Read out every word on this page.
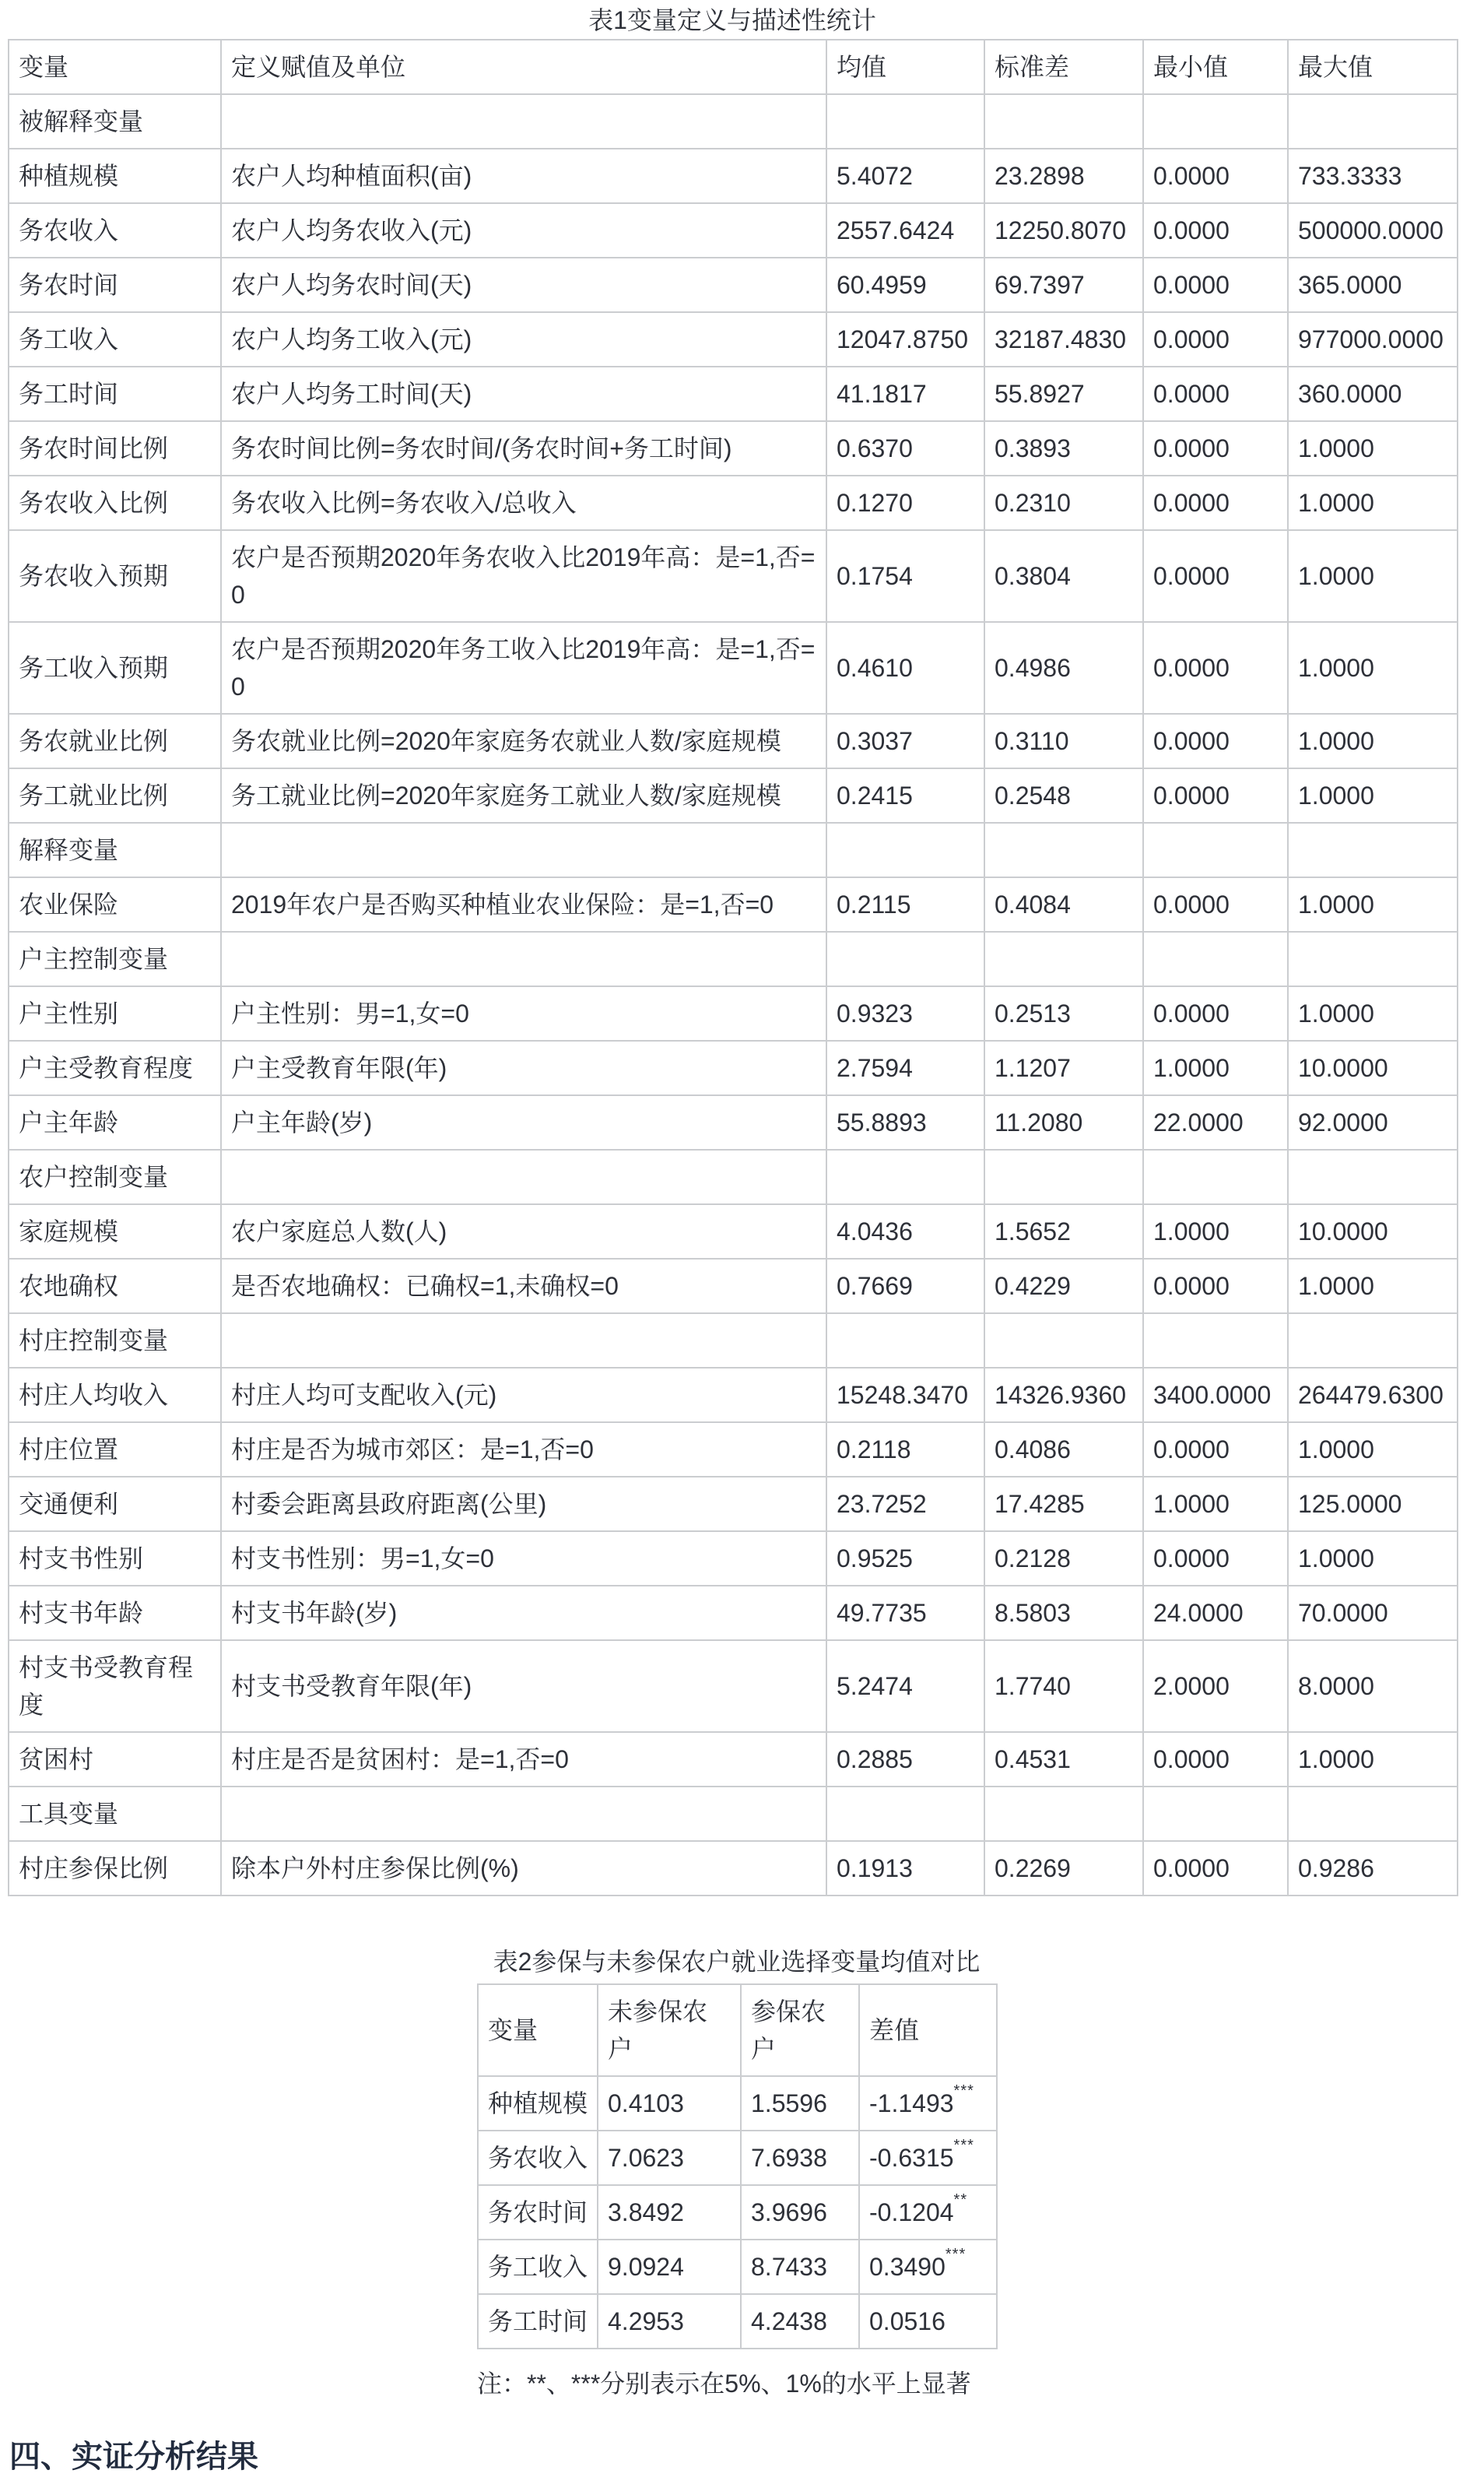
表1变量定义与描述性统计
变量	定义赋值及单位	均值	标准差	最小值	最大值
被解释变量					
种植规模	农户人均种植面积(亩)	5.4072	23.2898	0.0000	733.3333
务农收入	农户人均务农收入(元)	2557.6424	12250.8070	0.0000	500000.0000
务农时间	农户人均务农时间(天)	60.4959	69.7397	0.0000	365.0000
务工收入	农户人均务工收入(元)	12047.8750	32187.4830	0.0000	977000.0000
务工时间	农户人均务工时间(天)	41.1817	55.8927	0.0000	360.0000
务农时间比例	务农时间比例=务农时间/(务农时间+务工时间)	0.6370	0.3893	0.0000	1.0000
务农收入比例	务农收入比例=务农收入/总收入	0.1270	0.2310	0.0000	1.0000
务农收入预期	农户是否预期2020年务农收入比2019年高：是=1,否=0	0.1754	0.3804	0.0000	1.0000
务工收入预期	农户是否预期2020年务工收入比2019年高：是=1,否=0	0.4610	0.4986	0.0000	1.0000
务农就业比例	务农就业比例=2020年家庭务农就业人数/家庭规模	0.3037	0.3110	0.0000	1.0000
务工就业比例	务工就业比例=2020年家庭务工就业人数/家庭规模	0.2415	0.2548	0.0000	1.0000
解释变量					
农业保险	2019年农户是否购买种植业农业保险：是=1,否=0	0.2115	0.4084	0.0000	1.0000
户主控制变量					
户主性别	户主性别：男=1,女=0	0.9323	0.2513	0.0000	1.0000
户主受教育程度	户主受教育年限(年)	2.7594	1.1207	1.0000	10.0000
户主年龄	户主年龄(岁)	55.8893	11.2080	22.0000	92.0000
农户控制变量					
家庭规模	农户家庭总人数(人)	4.0436	1.5652	1.0000	10.0000
农地确权	是否农地确权：已确权=1,未确权=0	0.7669	0.4229	0.0000	1.0000
村庄控制变量					
村庄人均收入	村庄人均可支配收入(元)	15248.3470	14326.9360	3400.0000	264479.6300
村庄位置	村庄是否为城市郊区：是=1,否=0	0.2118	0.4086	0.0000	1.0000
交通便利	村委会距离县政府距离(公里)	23.7252	17.4285	1.0000	125.0000
村支书性别	村支书性别：男=1,女=0	0.9525	0.2128	0.0000	1.0000
村支书年龄	村支书年龄(岁)	49.7735	8.5803	24.0000	70.0000
村支书受教育程度	村支书受教育年限(年)	5.2474	1.7740	2.0000	8.0000
贫困村	村庄是否是贫困村：是=1,否=0	0.2885	0.4531	0.0000	1.0000
工具变量					
村庄参保比例	除本户外村庄参保比例(%)	0.1913	0.2269	0.0000	0.9286
表2参保与未参保农户就业选择变量均值对比
变量	未参保农户	参保农户	差值
种植规模	0.4103	1.5596	-1.1493***
务农收入	7.0623	7.6938	-0.6315***
务农时间	3.8492	3.9696	-0.1204**
务工收入	9.0924	8.7433	0.3490***
务工时间	4.2953	4.2438	0.0516
注：**、***分别表示在5%、1%的水平上显著
四、实证分析结果
